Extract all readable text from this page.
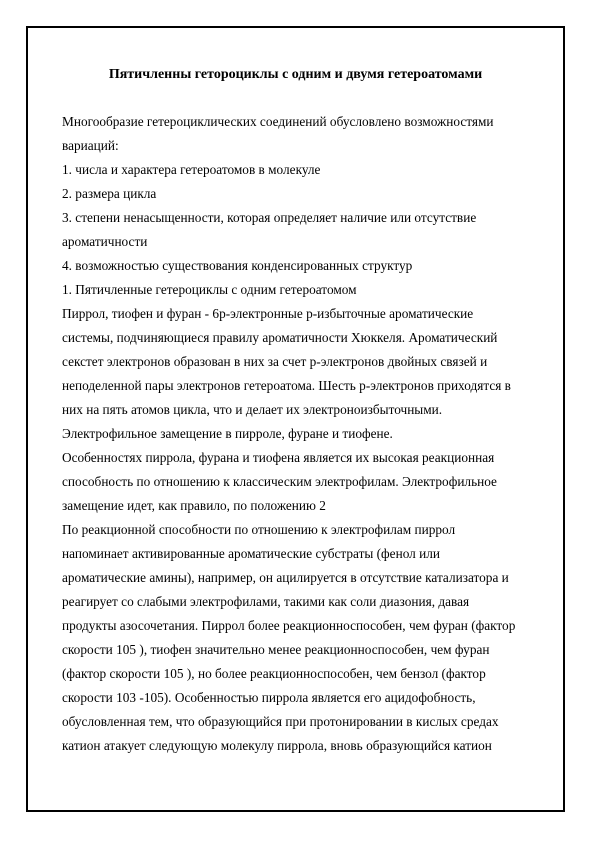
Пятичленны гетороциклы с одним и двумя гетероатомами
Многообразие гетероциклических соединений обусловлено возможностями
вариаций:
1. числа и характера гетероатомов в молекуле
2. размера цикла
3. степени ненасыщенности, которая определяет наличие или отсутствие
ароматичности
4. возможностью существования конденсированных структур
1. Пятичленные гетероциклы с одним гетероатомом
Пиррол, тиофен и фуран - 6р-электронные р-избыточные ароматические
системы, подчиняющиеся правилу ароматичности Хюккеля. Ароматический
секстет электронов образован в них за счет р-электронов двойных связей и
неподеленной пары электронов гетероатома. Шесть р-электронов приходятся в
них на пять атомов цикла, что и делает их электроноизбыточными.
Электрофильное замещение в пирроле, фуране и тиофене.
Особенностях пиррола, фурана и тиофена является их высокая реакционная
способность по отношению к классическим электрофилам. Электрофильное
замещение идет, как правило, по положению 2
По реакционной способности по отношению к электрофилам пиррол
напоминает активированные ароматические субстраты (фенол или
ароматические амины), например, он ацилируется в отсутствие катализатора и
реагирует со слабыми электрофилами, такими как соли диазония, давая
продукты азосочетания. Пиррол более реакционноспособен, чем фуран (фактор
скорости 105 ), тиофен значительно менее реакционноспособен, чем фуран
(фактор скорости 105 ), но более реакционноспособен, чем бензол (фактор
скорости 103 -105). Особенностью пиррола является его ацидофобность,
обусловленная тем, что образующийся при протонировании в кислых средах
катион атакует следующую молекулу пиррола, вновь образующийся катион
